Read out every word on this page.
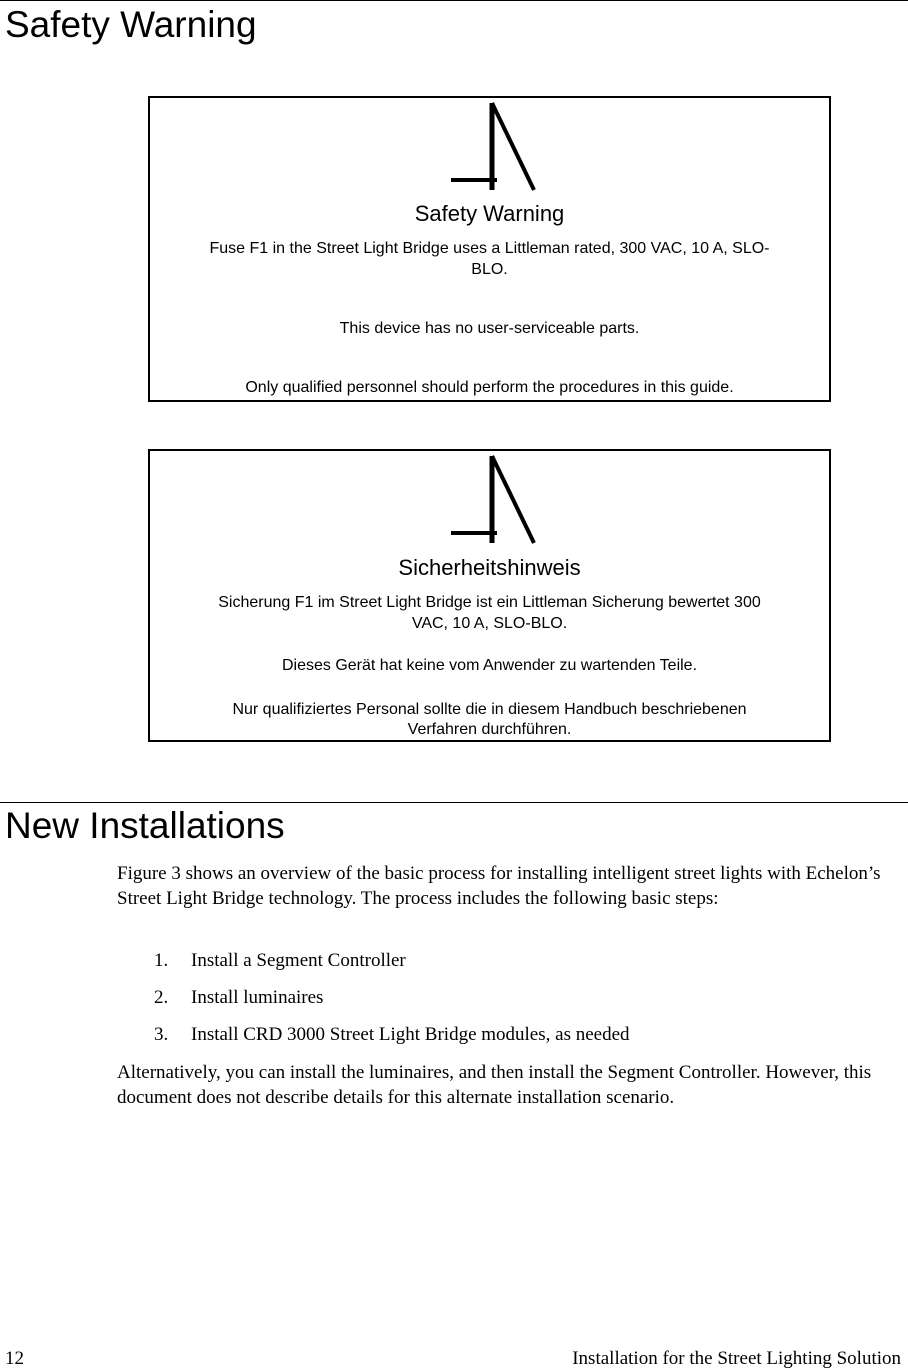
Safety Warning
Safety Warning
Fuse F1 in the Street Light Bridge uses a Littleman rated, 300 VAC, 10 A, SLO-
BLO.
This device has no user-serviceable parts.
Only qualified personnel should perform the procedures in this guide.
Sicherheitshinweis
Sicherung F1 im Street Light Bridge ist ein Littleman Sicherung bewertet 300
VAC, 10 A, SLO-BLO.
Dieses Gerät hat keine vom Anwender zu wartenden Teile.
Nur qualifiziertes Personal sollte die in diesem Handbuch beschriebenen
Verfahren durchführen.
New Installations

Figure 3 shows an overview of the basic process for installing intelligent street lights with Echelon’s Street Light Bridge technology. The process includes the following basic steps:

1. Install a Segment Controller
2. Install luminaires
3. Install CRD 3000 Street Light Bridge modules, as needed

Alternatively, you can install the luminaires, and then install the Segment Controller. However, this document does not describe details for this alternate installation scenario.

12	Installation for the Street Lighting Solution
